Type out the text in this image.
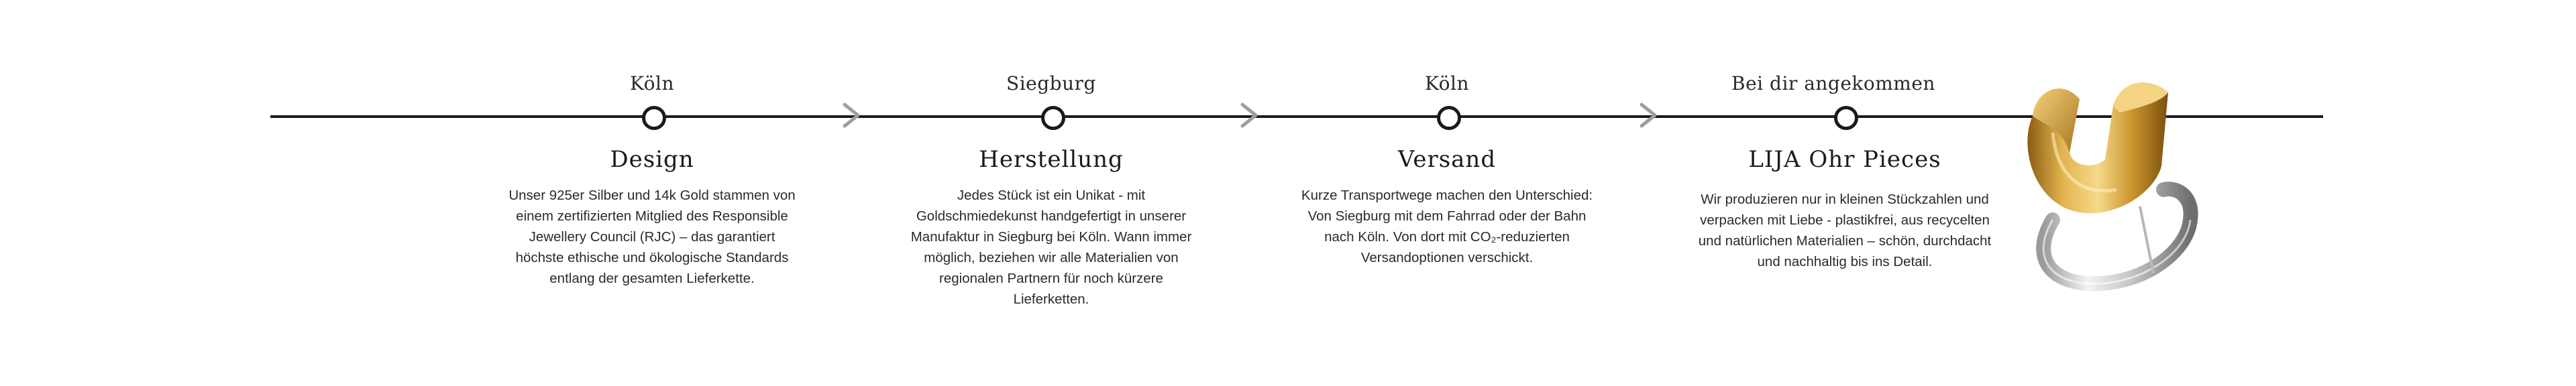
Köln
Design
Unser 925er Silber und 14k Gold stammen von einem zertifizierten Mitglied des Responsible Jewellery Council (RJC) – das garantiert höchste ethische und ökologische Standards entlang der gesamten Lieferkette.
Siegburg
Herstellung
Jedes Stück ist ein Unikat - mit Goldschmiedekunst handgefertigt in unserer Manufaktur in Siegburg bei Köln. Wann immer möglich, beziehen wir alle Materialien von regionalen Partnern für noch kürzere Lieferketten.
Köln
Versand
Kurze Transportwege machen den Unterschied: Von Siegburg mit dem Fahrrad oder der Bahn nach Köln. Von dort mit CO₂-reduzierten Versandoptionen verschickt.
Bei dir angekommen
LIJA Ohr Pieces
Wir produzieren nur in kleinen Stückzahlen und verpacken mit Liebe - plastikfrei, aus recycelten und natürlichen Materialien – schön, durchdacht und nachhaltig bis ins Detail.
